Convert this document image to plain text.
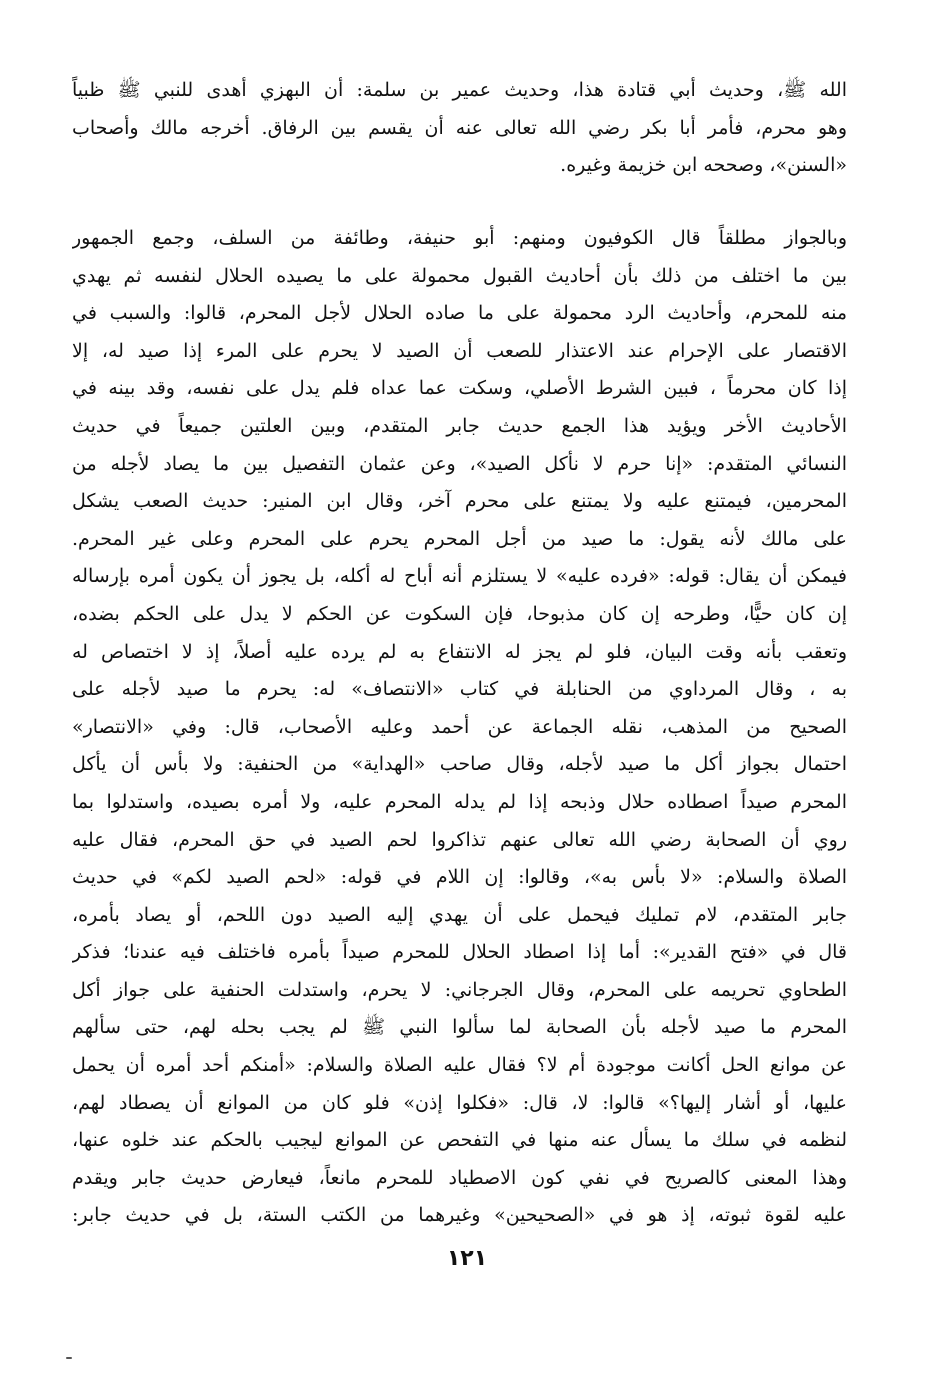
الله ﷺ، وحديث أبي قتادة هذا، وحديث عمير بن سلمة: أن البهزي أهدى للنبي ﷺ ظبياً
وهو محرم، فأمر أبا بكر رضي الله تعالى عنه أن يقسم بين الرفاق. أخرجه مالك وأصحاب
«السنن»، وصححه ابن خزيمة وغيره.
وبالجواز مطلقاً قال الكوفيون ومنهم: أبو حنيفة، وطائفة من السلف، وجمع الجمهور
بين ما اختلف من ذلك بأن أحاديث القبول محمولة على ما يصيده الحلال لنفسه ثم يهدي
منه للمحرم، وأحاديث الرد محمولة على ما صاده الحلال لأجل المحرم، قالوا: والسبب في
الاقتصار على الإحرام عند الاعتذار للصعب أن الصيد لا يحرم على المرء إذا صيد له، إلا
إذا كان محرماً ، فبين الشرط الأصلي، وسكت عما عداه فلم يدل على نفسه، وقد بينه في
الأحاديث الأخر ويؤيد هذا الجمع حديث جابر المتقدم، وبين العلتين جميعاً في حديث
النسائي المتقدم: «إنا حرم لا نأكل الصيد»، وعن عثمان التفصيل بين ما يصاد لأجله من
المحرمين، فيمتنع عليه ولا يمتنع على محرم آخر، وقال ابن المنير: حديث الصعب يشكل
على مالك لأنه يقول: ما صيد من أجل المحرم يحرم على المحرم وعلى غير المحرم.
فيمكن أن يقال: قوله: «فرده عليه» لا يستلزم أنه أباح له أكله، بل يجوز أن يكون أمره بإرساله
إن كان حيًّا، وطرحه إن كان مذبوحا، فإن السكوت عن الحكم لا يدل على الحكم بضده،
وتعقب بأنه وقت البيان، فلو لم يجز له الانتفاع به لم يرده عليه أصلاً، إذ لا اختصاص له
به ، وقال المرداوي من الحنابلة في كتاب «الانتصاف» له: يحرم ما صيد لأجله على
الصحيح من المذهب، نقله الجماعة عن أحمد وعليه الأصحاب، قال: وفي «الانتصار»
احتمال بجواز أكل ما صيد لأجله، وقال صاحب «الهداية» من الحنفية: ولا بأس أن يأكل
المحرم صيداً اصطاده حلال وذبحه إذا لم يدله المحرم عليه، ولا أمره بصيده، واستدلوا بما
روي أن الصحابة رضي الله تعالى عنهم تذاكروا لحم الصيد في حق المحرم، فقال عليه
الصلاة والسلام: «لا بأس به»، وقالوا: إن اللام في قوله: «لحم الصيد لكم» في حديث
جابر المتقدم، لام تمليك فيحمل على أن يهدي إليه الصيد دون اللحم، أو يصاد بأمره،
قال في «فتح القدير»: أما إذا اصطاد الحلال للمحرم صيداً بأمره فاختلف فيه عندنا؛ فذكر
الطحاوي تحريمه على المحرم، وقال الجرجاني: لا يحرم، واستدلت الحنفية على جواز أكل
المحرم ما صيد لأجله بأن الصحابة لما سألوا النبي ﷺ لم يجب بحله لهم، حتى سألهم
عن موانع الحل أكانت موجودة أم لا؟ فقال عليه الصلاة والسلام: «أمنكم أحد أمره أن يحمل
عليها، أو أشار إليها؟» قالوا: لا، قال: «فكلوا إذن» فلو كان من الموانع أن يصطاد لهم،
لنظمه في سلك ما يسأل عنه منها في التفحص عن الموانع ليجيب بالحكم عند خلوه عنها،
وهذا المعنى كالصريح في نفي كون الاصطياد للمحرم مانعاً، فيعارض حديث جابر ويقدم
عليه لقوة ثبوته، إذ هو في «الصحيحين» وغيرهما من الكتب الستة، بل في حديث جابر:
١٢١
